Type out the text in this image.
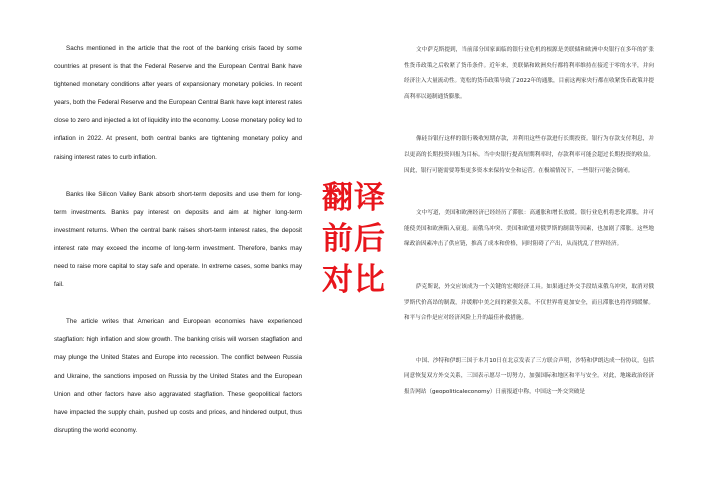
Sachs mentioned in the article that the root of the banking crisis faced by some countries at present is that the Federal Reserve and the European Central Bank have tightened monetary conditions after years of expansionary monetary policies. In recent years, both the Federal Reserve and the European Central Bank have kept interest rates close to zero and injected a lot of liquidity into the economy. Loose monetary policy led to inflation in 2022. At present, both central banks are tightening monetary policy and raising interest rates to curb inflation.

Banks like Silicon Valley Bank absorb short-term deposits and use them for long-term investments. Banks pay interest on deposits and aim at higher long-term investment returns. When the central bank raises short-term interest rates, the deposit interest rate may exceed the income of long-term investment. Therefore, banks may need to raise more capital to stay safe and operate. In extreme cases, some banks may fail.

The article writes that American and European economies have experienced stagflation: high inflation and slow growth. The banking crisis will worsen stagflation and may plunge the United States and Europe into recession. The conflict between Russia and Ukraine, the sanctions imposed on Russia by the United States and the European Union and other factors have also aggravated stagflation. These geopolitical factors have impacted the supply chain, pushed up costs and prices, and hindered output, thus disrupting the world economy.

翻译
前后
对比

文中萨克斯提到，当前部分国家面临的银行业危机的根源是美联储和欧洲中央银行在多年的扩张性货币政策之后收紧了货币条件。近年来，美联储和欧洲央行都将利率维持在接近于零的水平，并向经济注入大量流动性。宽松的货币政策导致了2022年的通胀，目前这两家央行都在收紧货币政策并提高利率以遏制通货膨胀。

像硅谷银行这样的银行吸收短期存款，并利用这些存款进行长期投资。银行为存款支付利息，并以更高的长期投资回报为目标。当中央银行提高短期利率时，存款利率可能会超过长期投资的收益。因此，银行可能需要筹集更多资本来保持安全和运营。在极端情况下，一些银行可能会倒闭。

文中写道，美国和欧洲经济已经经历了滞胀：高通胀和增长放缓。银行业危机将恶化滞胀，并可能使美国和欧洲陷入衰退。而俄乌冲突、美国和欧盟对俄罗斯的制裁等因素，也加剧了滞胀。这些地缘政治因素冲击了供应链，推高了成本和价格，同时阻碍了产出，从而扰乱了世界经济。

萨克斯说，外交应该成为一个关键的宏观经济工具。如果通过外交手段结束俄乌冲突，取消对俄罗斯代价高昂的制裁，并缓解中美之间的紧张关系，不仅世界将更加安全，而且滞胀也将得到缓解。和平与合作是应对经济风险上升的最佳补救措施。

中国、沙特和伊朗三国于本月10日在北京发表了三方联合声明，沙特和伊朗达成一份协议，包括同意恢复双方外交关系，三国表示愿尽一切努力，加强国际和地区和平与安全。对此，地缘政治经济报告网站（geopoliticaleconomy）日前报道中称，中国这一外交突破是
